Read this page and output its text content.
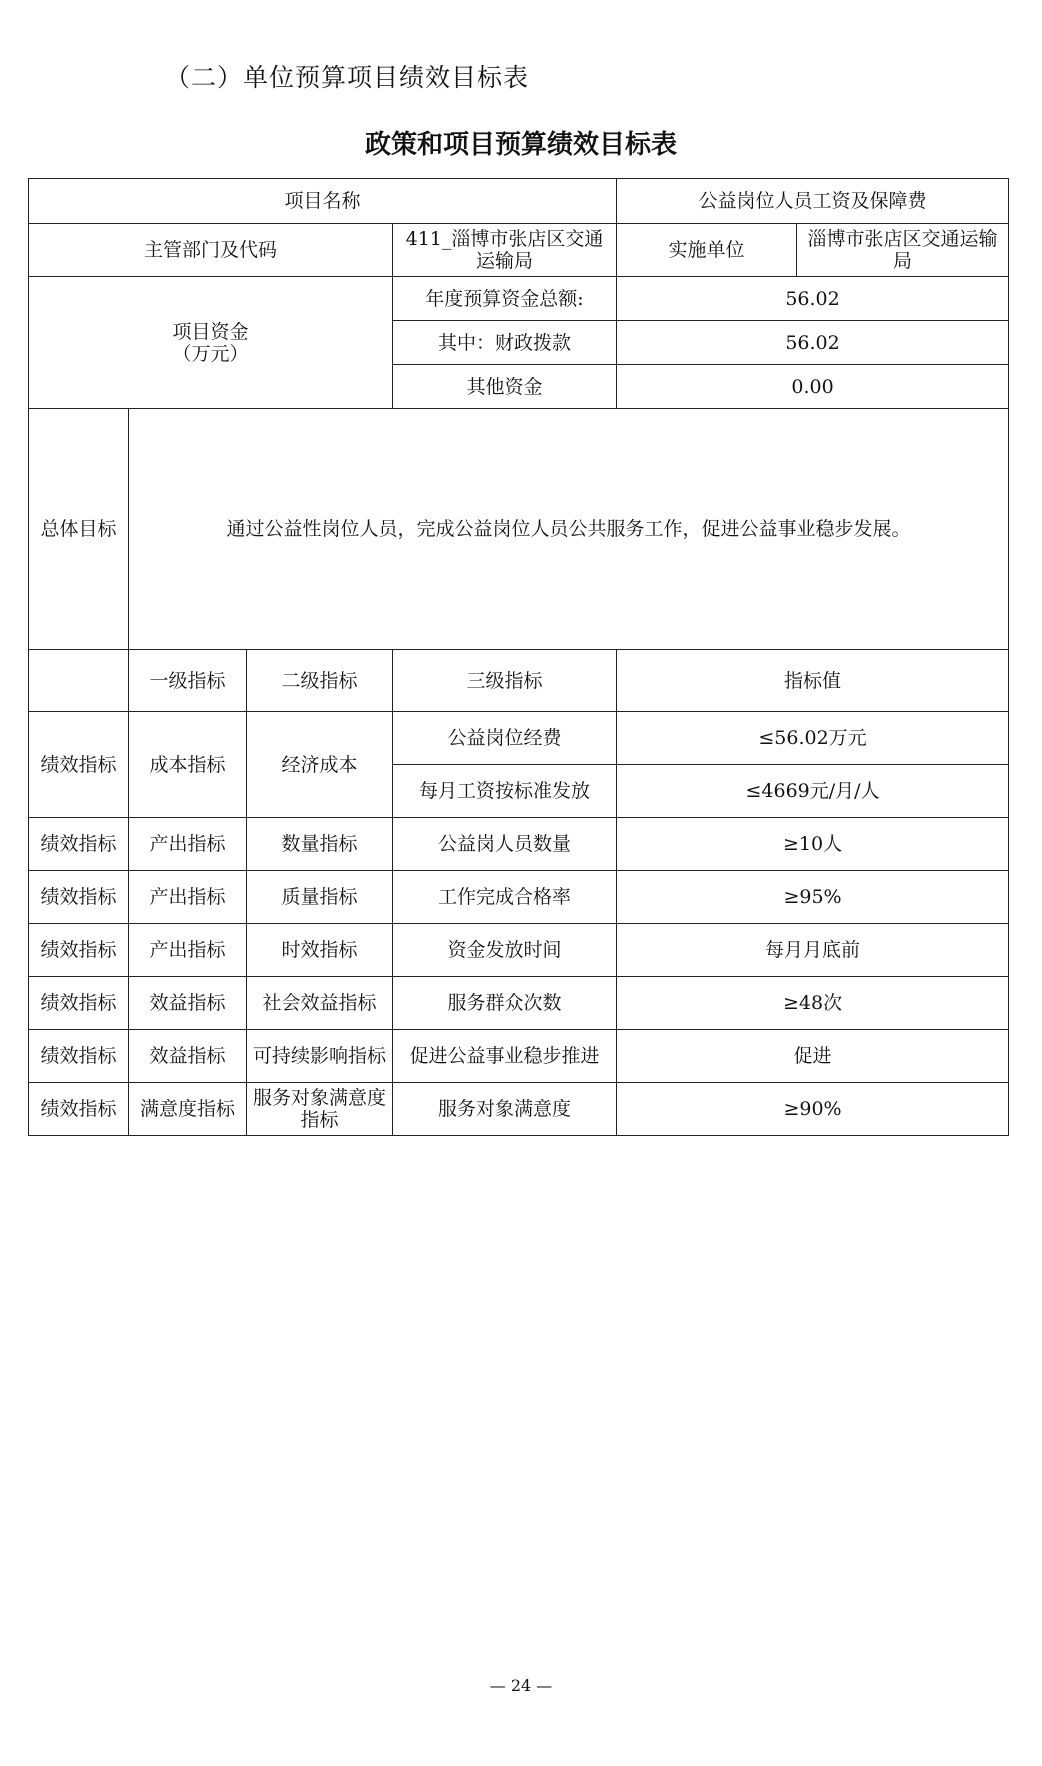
（二）单位预算项目绩效目标表
政策和项目预算绩效目标表
项目名称				公益岗位人员工资及保障费	
主管部门及代码			411_淄博市张店区交通运输局	实施单位	淄博市张店区交通运输局

项目资金
（万元）			年度预算资金总额:	56.02	
			其中：财政拨款	56.02	
			其他资金	0.00	
总体目标	通过公益性岗位人员，完成公益岗位人员公共服务工作，促进公益事业稳步发展。				
	一级指标	二级指标	三级指标	指标值	
绩效指标	成本指标	经济成本	公益岗位经费	≤56.02万元	
			每月工资按标准发放	≤4669元/月/人	
绩效指标	产出指标	数量指标	公益岗人员数量	≥10人	
绩效指标	产出指标	质量指标	工作完成合格率	≥95%	
绩效指标	产出指标	时效指标	资金发放时间	每月月底前	
绩效指标	效益指标	社会效益指标	服务群众次数	≥48次	
绩效指标	效益指标	可持续影响指标	促进公益事业稳步推进	促进	
绩效指标	满意度指标	服务对象满意度指标	服务对象满意度	≥90%	
— 24 —
